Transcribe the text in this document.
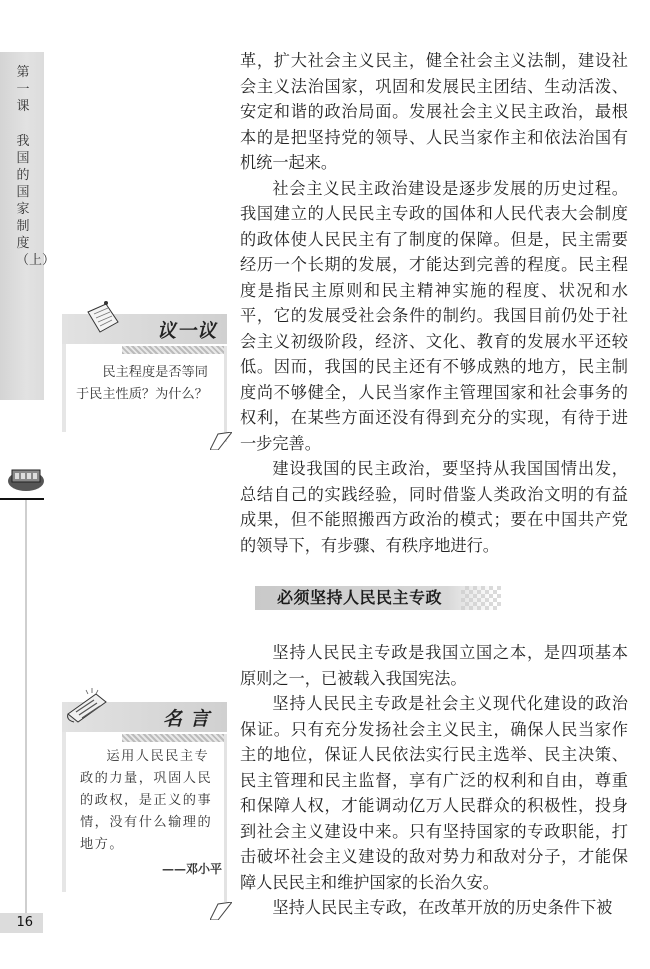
第一课
我国的国家制度（上）
16
议一议
民主程度是否等同于民主性质？为什么？
名言
运用人民民主专政的力量，巩固人民的政权，是正义的事情，没有什么输理的地方。
——邓小平

革，扩大社会主义民主，健全社会主义法制，建设社会主义法治国家，巩固和发展民主团结、生动活泼、安定和谐的政治局面。发展社会主义民主政治，最根本的是把坚持党的领导、人民当家作主和依法治国有机统一起来。

社会主义民主政治建设是逐步发展的历史过程。我国建立的人民民主专政的国体和人民代表大会制度的政体使人民民主有了制度的保障。但是，民主需要经历一个长期的发展，才能达到完善的程度。民主程度是指民主原则和民主精神实施的程度、状况和水平，它的发展受社会条件的制约。我国目前仍处于社会主义初级阶段，经济、文化、教育的发展水平还较低。因而，我国的民主还有不够成熟的地方，民主制度尚不够健全，人民当家作主管理国家和社会事务的权利，在某些方面还没有得到充分的实现，有待于进一步完善。

建设我国的民主政治，要坚持从我国国情出发，总结自己的实践经验，同时借鉴人类政治文明的有益成果，但不能照搬西方政治的模式；要在中国共产党的领导下，有步骤、有秩序地进行。

必须坚持人民民主专政

坚持人民民主专政是我国立国之本，是四项基本原则之一，已被载入我国宪法。

坚持人民民主专政是社会主义现代化建设的政治保证。只有充分发扬社会主义民主，确保人民当家作主的地位，保证人民依法实行民主选举、民主决策、民主管理和民主监督，享有广泛的权利和自由，尊重和保障人权，才能调动亿万人民群众的积极性，投身到社会主义建设中来。只有坚持国家的专政职能，打击破坏社会主义建设的敌对势力和敌对分子，才能保障人民民主和维护国家的长治久安。

坚持人民民主专政，在改革开放的历史条件下被
